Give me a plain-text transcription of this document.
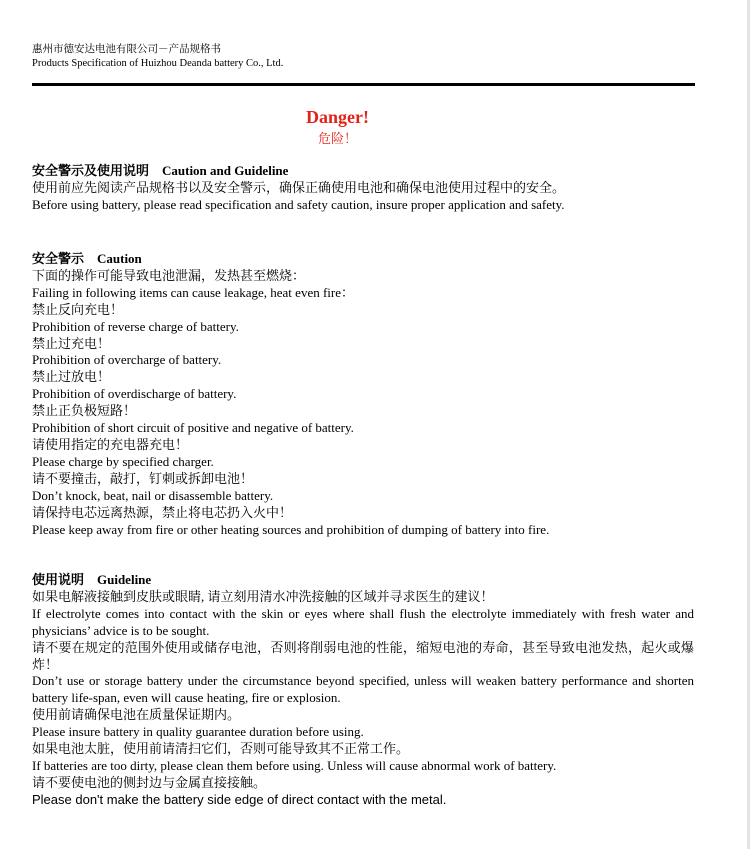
惠州市德安达电池有限公司－产品规格书
Products Specification of Huizhou Deanda battery Co., Ltd.
Danger!
危险！
安全警示及使用说明    Caution and Guideline
使用前应先阅读产品规格书以及安全警示，确保正确使用电池和确保电池使用过程中的安全。
Before using battery, please read specification and safety caution, insure proper application and safety.
安全警示    Caution
下面的操作可能导致电池泄漏，发热甚至燃烧：
Failing in following items can cause leakage, heat even fire：
禁止反向充电！
Prohibition of reverse charge of battery.
禁止过充电！
Prohibition of overcharge of battery.
禁止过放电！
Prohibition of overdischarge of battery.
禁止正负极短路！
Prohibition of short circuit of positive and negative of battery.
请使用指定的充电器充电！
Please charge by specified charger.
请不要撞击，敲打，钉刺或拆卸电池！
Don’t knock, beat, nail or disassemble battery.
请保持电芯远离热源，禁止将电芯扔入火中！
Please keep away from fire or other heating sources and prohibition of dumping of battery into fire.
使用说明    Guideline
如果电解液接触到皮肤或眼睛, 请立刻用清水冲洗接触的区域并寻求医生的建议！
If electrolyte comes into contact with the skin or eyes where shall flush the electrolyte immediately with fresh water and physicians’ advice is to be sought.
请不要在规定的范围外使用或储存电池，否则将削弱电池的性能，缩短电池的寿命，甚至导致电池发热，起火或爆炸！
Don’t use or storage battery under the circumstance beyond specified, unless will weaken battery performance and shorten battery life-span, even will cause heating, fire or explosion.
使用前请确保电池在质量保证期内。
Please insure battery in quality guarantee duration before using.
如果电池太脏，使用前请清扫它们，否则可能导致其不正常工作。
If batteries are too dirty, please clean them before using. Unless will cause abnormal work of battery.
请不要使电池的侧封边与金属直接接触。
Please don't make the battery side edge of direct contact with the metal.
